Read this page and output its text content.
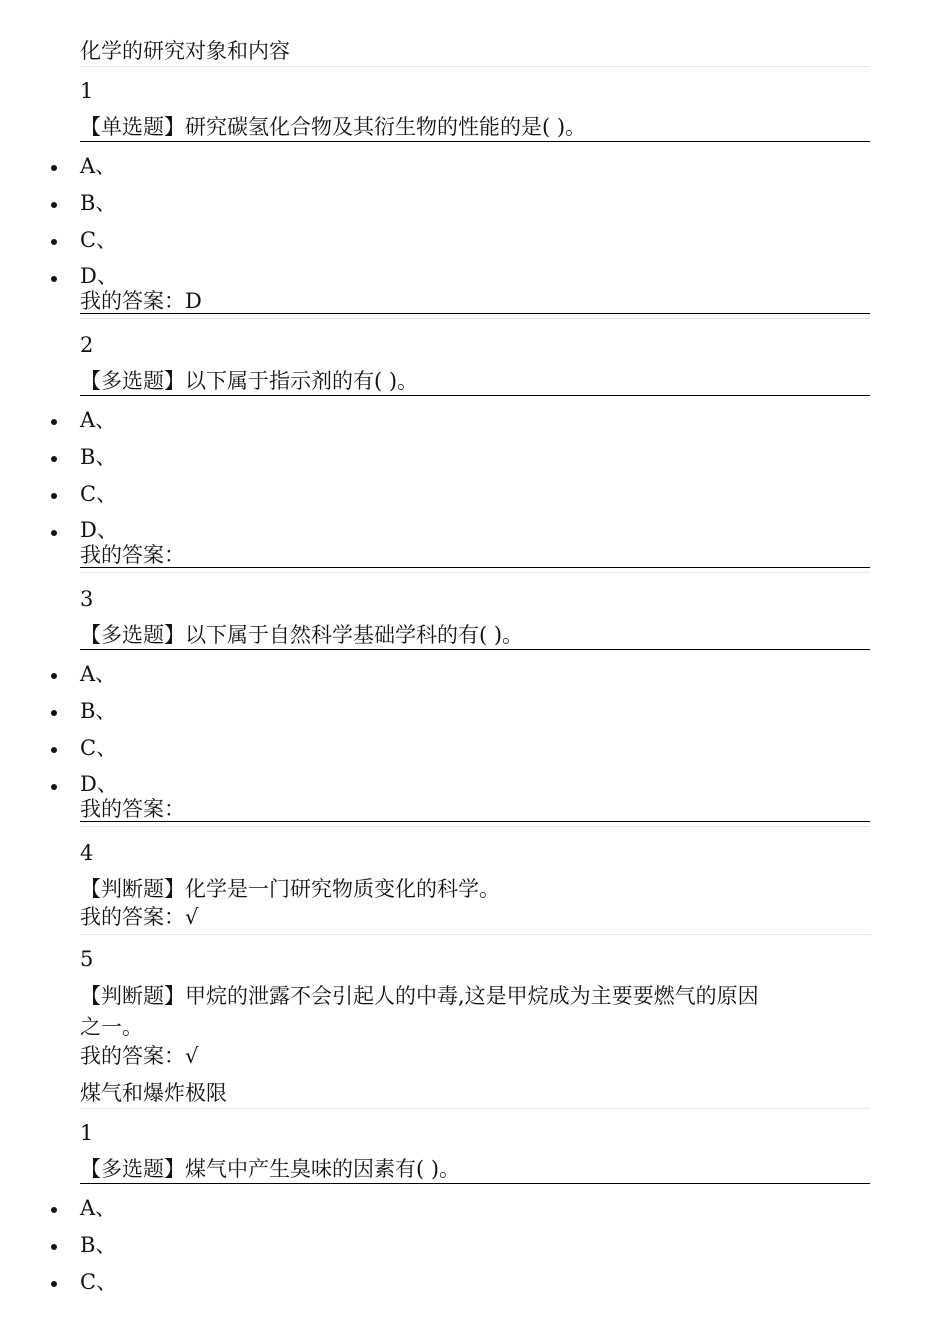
化学的研究对象和内容
1
【单选题】研究碳氢化合物及其衍生物的性能的是( )。
A、
B、
C、
D、
我的答案：D
2
【多选题】以下属于指示剂的有( )。
A、
B、
C、
D、
我的答案：
3
【多选题】以下属于自然科学基础学科的有( )。
A、
B、
C、
D、
我的答案：
4
【判断题】化学是一门研究物质变化的科学。
我的答案：√
5
【判断题】甲烷的泄露不会引起人的中毒,这是甲烷成为主要要燃气的原因
之一。
我的答案：√
煤气和爆炸极限
1
【多选题】煤气中产生臭味的因素有( )。
A、
B、
C、
